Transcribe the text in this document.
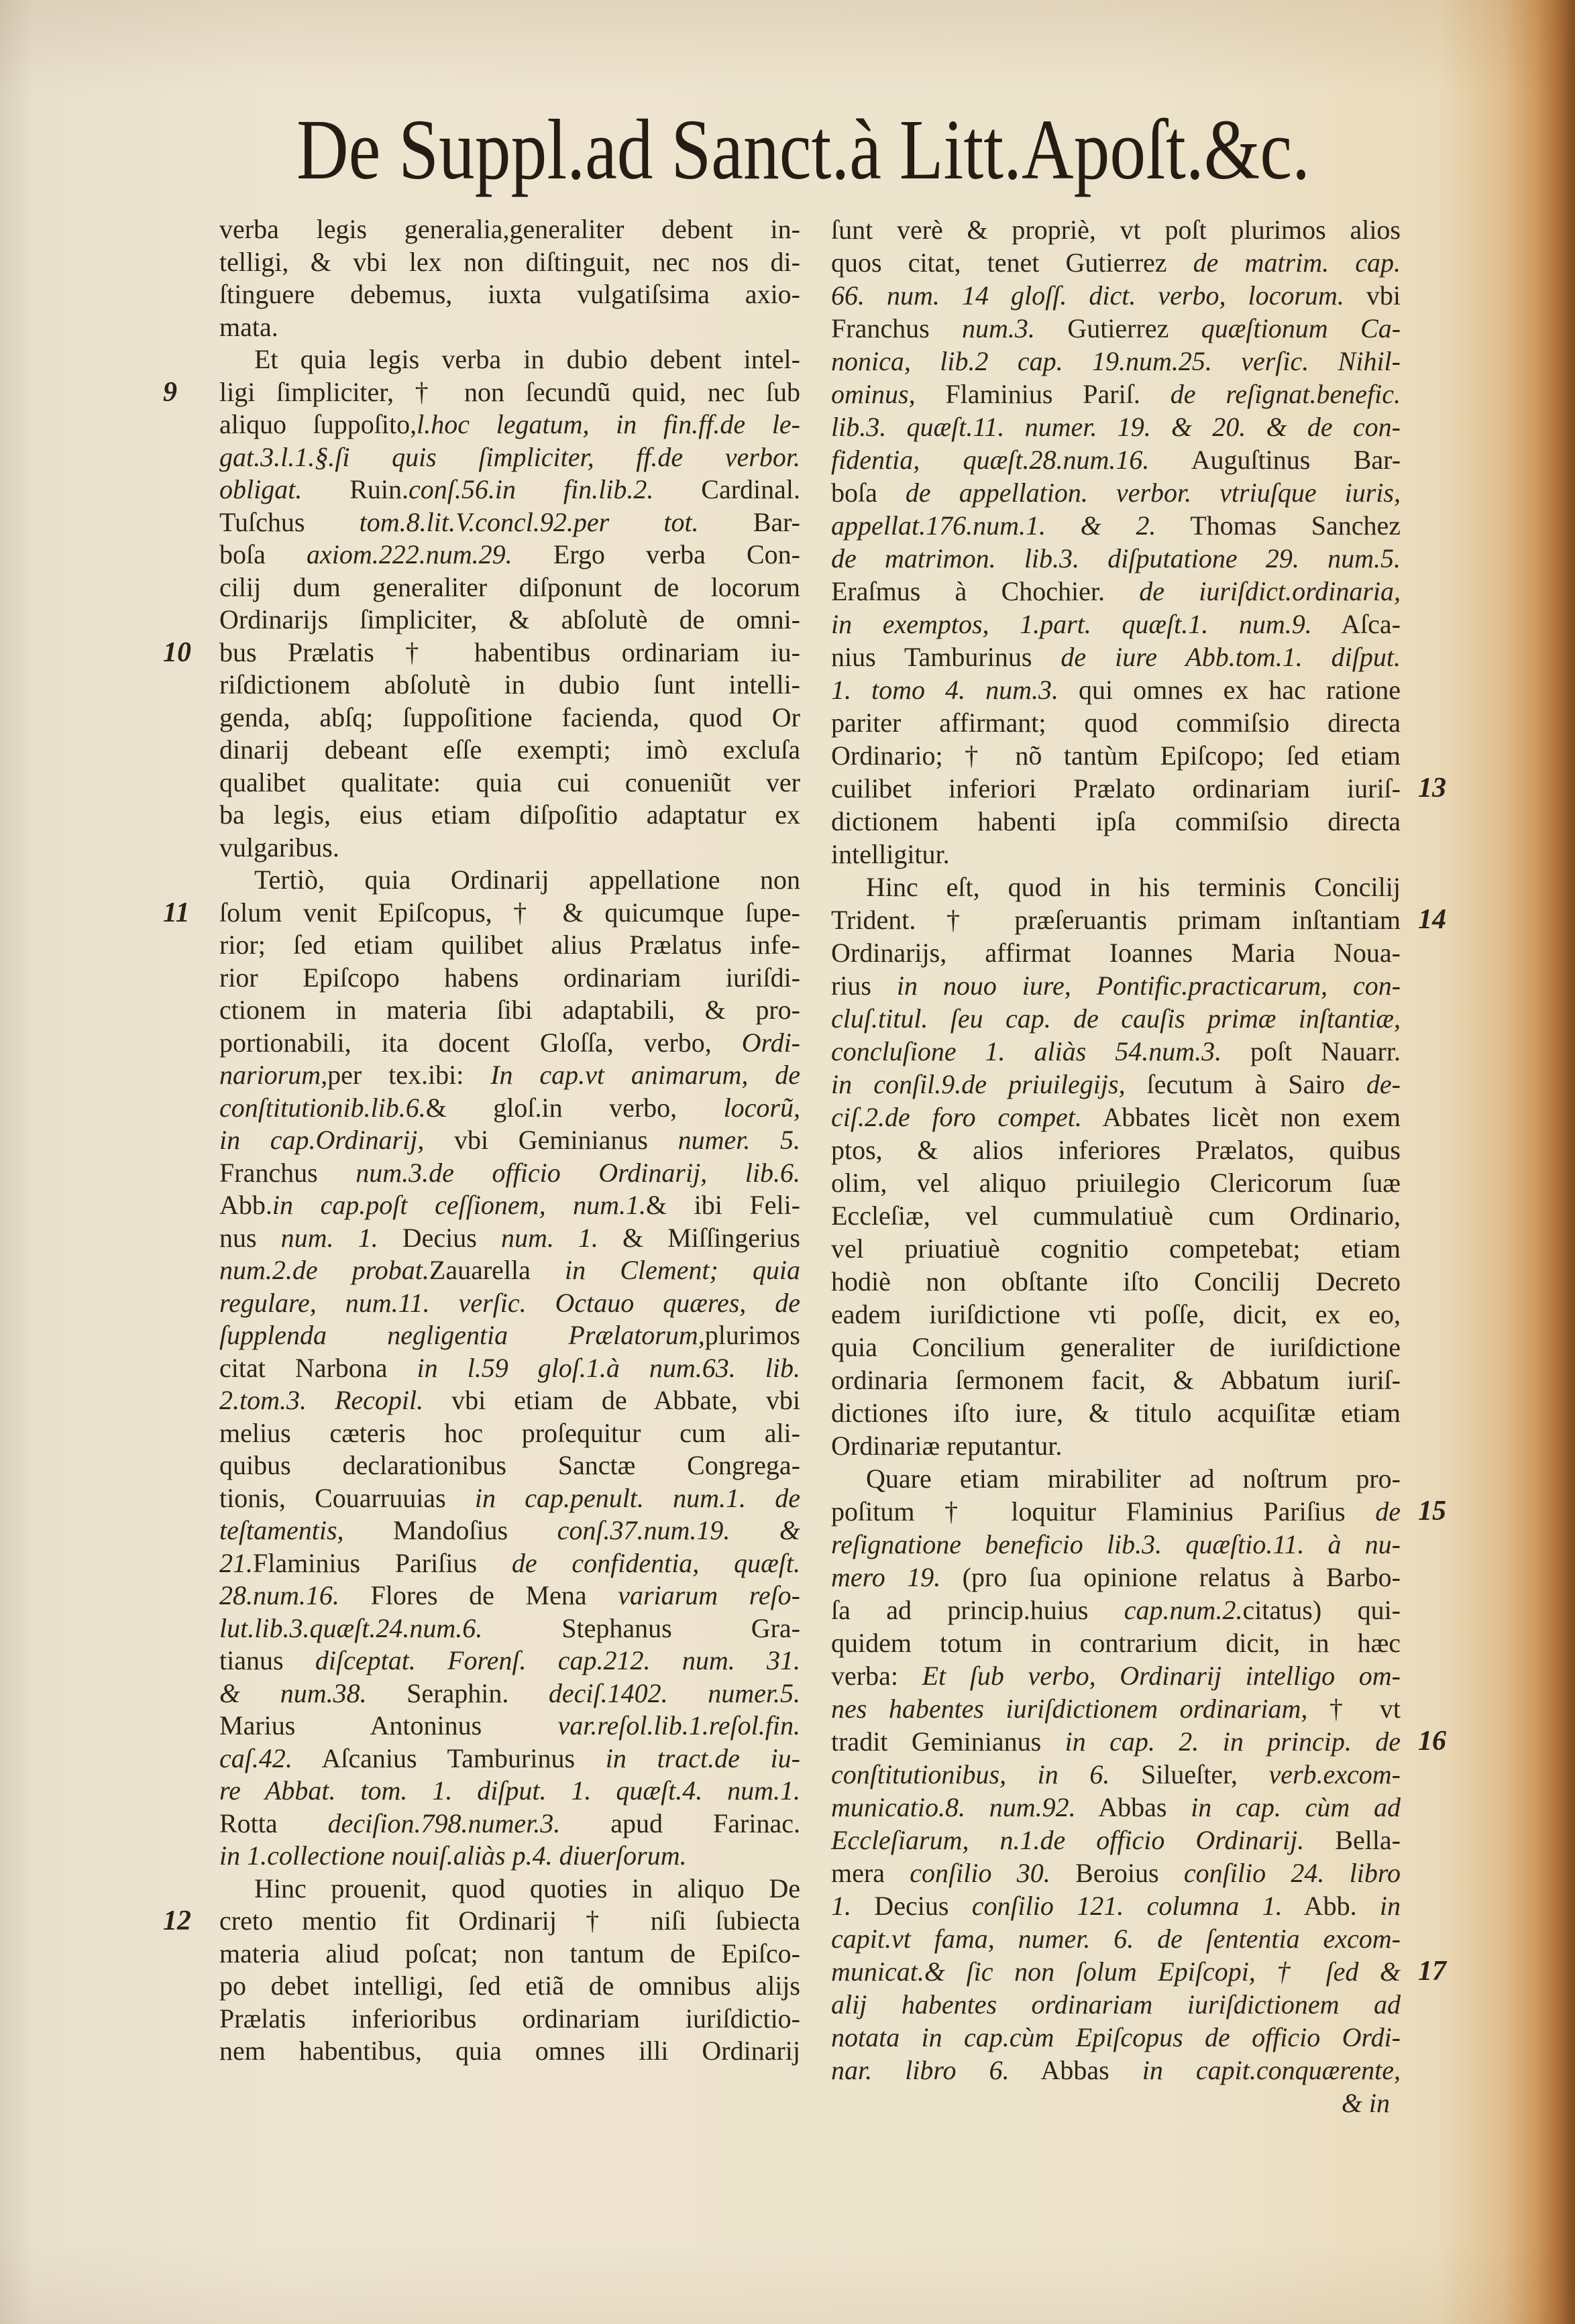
De Suppl.ad Sanct.à Litt.Apoſt.&c.
verba legis generalia,generaliter debent in-
telligi, & vbi lex non diſtinguit, nec nos di-
ſtinguere debemus, iuxta vulgatiſsima axio-
mata.
Et quia legis verba in dubio debent intel-
9 ligi ſimpliciter, † non ſecundũ quid, nec ſub
aliquo ſuppoſito,l.hoc legatum, in fin.ff.de le-
gat.3.l.1.§.ſi quis ſimpliciter, ff.de verbor.
obligat. Ruin.conſ.56.in fin.lib.2. Cardinal.
Tuſchus tom.8.lit.V.concl.92.per tot. Bar-
boſa axiom.222.num.29. Ergo verba Con-
cilij dum generaliter diſponunt de locorum
Ordinarijs ſimpliciter, & abſolutè de omni-
10 bus Prælatis † habentibus ordinariam iu-
riſdictionem abſolutè in dubio ſunt intelli-
genda, abſq; ſuppoſitione facienda, quod Or
dinarij debeant eſſe exempti; imò excluſa
qualibet qualitate: quia cui conueniũt ver
ba legis, eius etiam diſpoſitio adaptatur ex
vulgaribus.
Tertiò, quia Ordinarij appellatione non
11 ſolum venit Epiſcopus, † & quicumque ſupe-
rior; ſed etiam quilibet alius Prælatus infe-
rior Epiſcopo habens ordinariam iuriſdi-
ctionem in materia ſibi adaptabili, & pro-
portionabili, ita docent Gloſſa, verbo, Ordi-
nariorum,per tex.ibi: In cap.vt animarum, de
conſtitutionib.lib.6.& gloſ.in verbo, locorũ,
in cap.Ordinarij, vbi Geminianus numer. 5.
Franchus num.3.de officio Ordinarij, lib.6.
Abb.in cap.poſt ceſſionem, num.1.& ibi Feli-
nus num. 1. Decius num. 1. & Miſſingerius
num.2.de probat.Zauarella in Clement; quia
regulare, num.11. verſic. Octauo quæres, de
ſupplenda negligentia Prælatorum,plurimos
citat Narbona in l.59 gloſ.1.à num.63. lib.
2.tom.3. Recopil. vbi etiam de Abbate, vbi
melius cæteris hoc proſequitur cum ali-
quibus declarationibus Sanctæ Congrega-
tionis, Couarruuias in cap.penult. num.1. de
teſtamentis, Mandoſius conſ.37.num.19. &
21.Flaminius Pariſius de confidentia, quæſt.
28.num.16. Flores de Mena variarum reſo-
lut.lib.3.quæſt.24.num.6. Stephanus Gra-
tianus diſceptat. Forenſ. cap.212. num. 31.
& num.38. Seraphin. deciſ.1402. numer.5.
Marius Antoninus var.reſol.lib.1.reſol.fin.
caſ.42. Aſcanius Tamburinus in tract.de iu-
re Abbat. tom. 1. diſput. 1. quæſt.4. num.1.
Rotta deciſion.798.numer.3. apud Farinac.
in 1.collectione nouiſ.aliàs p.4. diuerſorum.
Hinc prouenit, quod quoties in aliquo De
12 creto mentio fit Ordinarij † niſi ſubiecta
materia aliud poſcat; non tantum de Epiſco-
po debet intelligi, ſed etiã de omnibus alijs
Prælatis inferioribus ordinariam iuriſdictio-
nem habentibus, quia omnes illi Ordinarij
ſunt verè & propriè, vt poſt plurimos alios
quos citat, tenet Gutierrez de matrim. cap.
66. num. 14 gloſſ. dict. verbo, locorum. vbi
Franchus num.3. Gutierrez quæſtionum Ca-
nonica, lib.2 cap. 19.num.25. verſic. Nihil-
ominus, Flaminius Pariſ. de reſignat.benefic.
lib.3. quæſt.11. numer. 19. & 20. & de con-
fidentia, quæſt.28.num.16. Auguſtinus Bar-
boſa de appellation. verbor. vtriuſque iuris,
appellat.176.num.1. & 2. Thomas Sanchez
de matrimon. lib.3. diſputatione 29. num.5.
Eraſmus à Chochier. de iuriſdict.ordinaria,
in exemptos, 1.part. quæſt.1. num.9. Aſca-
nius Tamburinus de iure Abb.tom.1. diſput.
1. tomo 4. num.3. qui omnes ex hac ratione
pariter affirmant; quod commiſsio directa
Ordinario; † nõ tantùm Epiſcopo; ſed etiam
13
cuilibet inferiori Prælato ordinariam iuriſ-
dictionem habenti ipſa commiſsio directa
intelligitur.
Hinc eſt, quod in his terminis Concilij
14
Trident. † præſeruantis primam inſtantiam
Ordinarijs, affirmat Ioannes Maria Noua-
rius in nouo iure, Pontific.practicarum, con-
cluſ.titul. ſeu cap. de cauſis primæ inſtantiæ,
concluſione 1. aliàs 54.num.3. poſt Nauarr.
in conſil.9.de priuilegijs, ſecutum à Sairo de-
ciſ.2.de foro compet. Abbates licèt non exem
ptos, & alios inferiores Prælatos, quibus
olim, vel aliquo priuilegio Clericorum ſuæ
Eccleſiæ, vel cummulatiuè cum Ordinario,
vel priuatiuè cognitio competebat; etiam
hodiè non obſtante iſto Concilij Decreto
eadem iuriſdictione vti poſſe, dicit, ex eo,
quia Concilium generaliter de iuriſdictione
ordinaria ſermonem facit, & Abbatum iuriſ-
dictiones iſto iure, & titulo acquiſitæ etiam
Ordinariæ reputantur.
Quare etiam mirabiliter ad noſtrum pro-
15
poſitum † loquitur Flaminius Pariſius de
reſignatione beneficio lib.3. quæſtio.11. à nu-
mero 19. (pro ſua opinione relatus à Barbo-
ſa ad princip.huius cap.num.2.citatus) qui-
quidem totum in contrarium dicit, in hæc
verba: Et ſub verbo, Ordinarij intelligo om-
nes habentes iuriſdictionem ordinariam, † vt
16
tradit Geminianus in cap. 2. in princip. de
conſtitutionibus, in 6. Silueſter, verb.excom-
municatio.8. num.92. Abbas in cap. cùm ad
Eccleſiarum, n.1.de officio Ordinarij. Bella-
mera conſilio 30. Beroius conſilio 24. libro
1. Decius conſilio 121. columna 1. Abb. in
capit.vt fama, numer. 6. de ſententia excom-
17
municat.& ſic non ſolum Epiſcopi, † ſed &
alij habentes ordinariam iuriſdictionem ad
notata in cap.cùm Epiſcopus de officio Ordi-
nar. libro 6. Abbas in capit.conquærente,
& in
